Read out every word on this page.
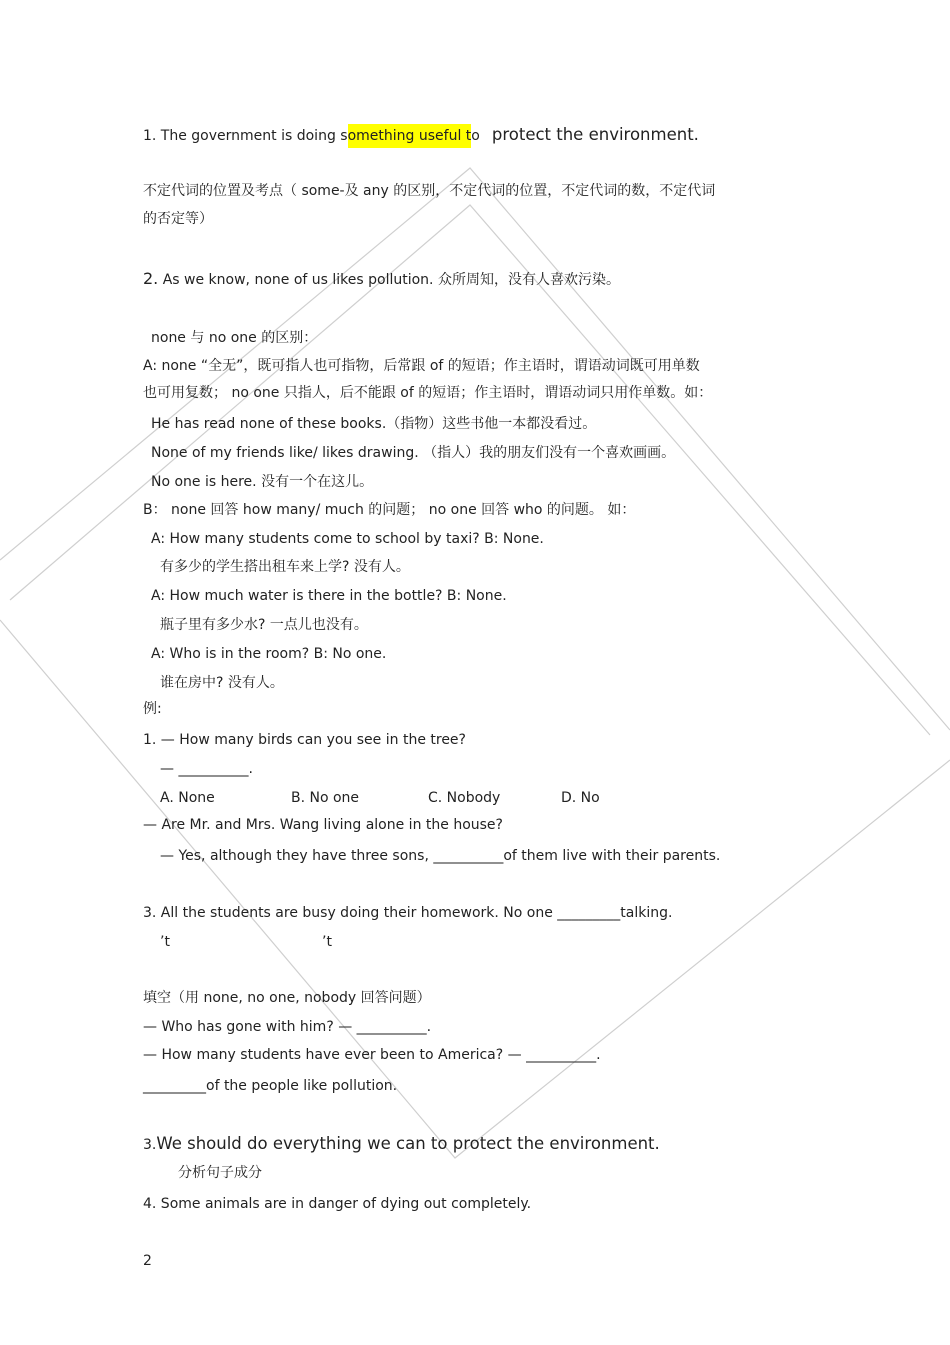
1. The government is doing something useful to protect the environment.
不定代词的位置及考点（ some-及 any 的区别，不定代词的位置，不定代词的数，不定代词
的否定等）
2. As we know, none of us likes pollution. 众所周知，没有人喜欢污染。
none 与 no one 的区别：
A: none “全无”，既可指人也可指物，后常跟 of 的短语；作主语时，谓语动词既可用单数
也可用复数； no one 只指人，后不能跟 of 的短语；作主语时，谓语动词只用作单数。如：
He has read none of these books.（指物）这些书他一本都没看过。
None of my friends like/ likes drawing. （指人）我的朋友们没有一个喜欢画画。
No one is here. 没有一个在这儿。
B： none 回答 how many/ much 的问题； no one 回答 who 的问题。 如：
A: How many students come to school by taxi? B: None.
有多少的学生搭出租车来上学? 没有人。
A: How much water is there in the bottle? B: None.
瓶子里有多少水? 一点儿也没有。
A: Who is in the room? B: No one.
谁在房中? 没有人。
例:
1. — How many birds can you see in the tree?
— __________.
A. None	B. No one	C. Nobody	D. No
— Are Mr. and Mrs. Wang living alone in the house?
— Yes, although they have three sons, __________of them live with their parents.
3. All the students are busy doing their homework. No one _________talking.
’t	’t
填空（用 none, no one, nobody 回答问题）
— Who has gone with him? — __________.
— How many students have ever been to America? — __________.
_________of the people like pollution.
3.We should do everything we can to protect the environment.
分析句子成分
4. Some animals are in danger of dying out completely.
2
